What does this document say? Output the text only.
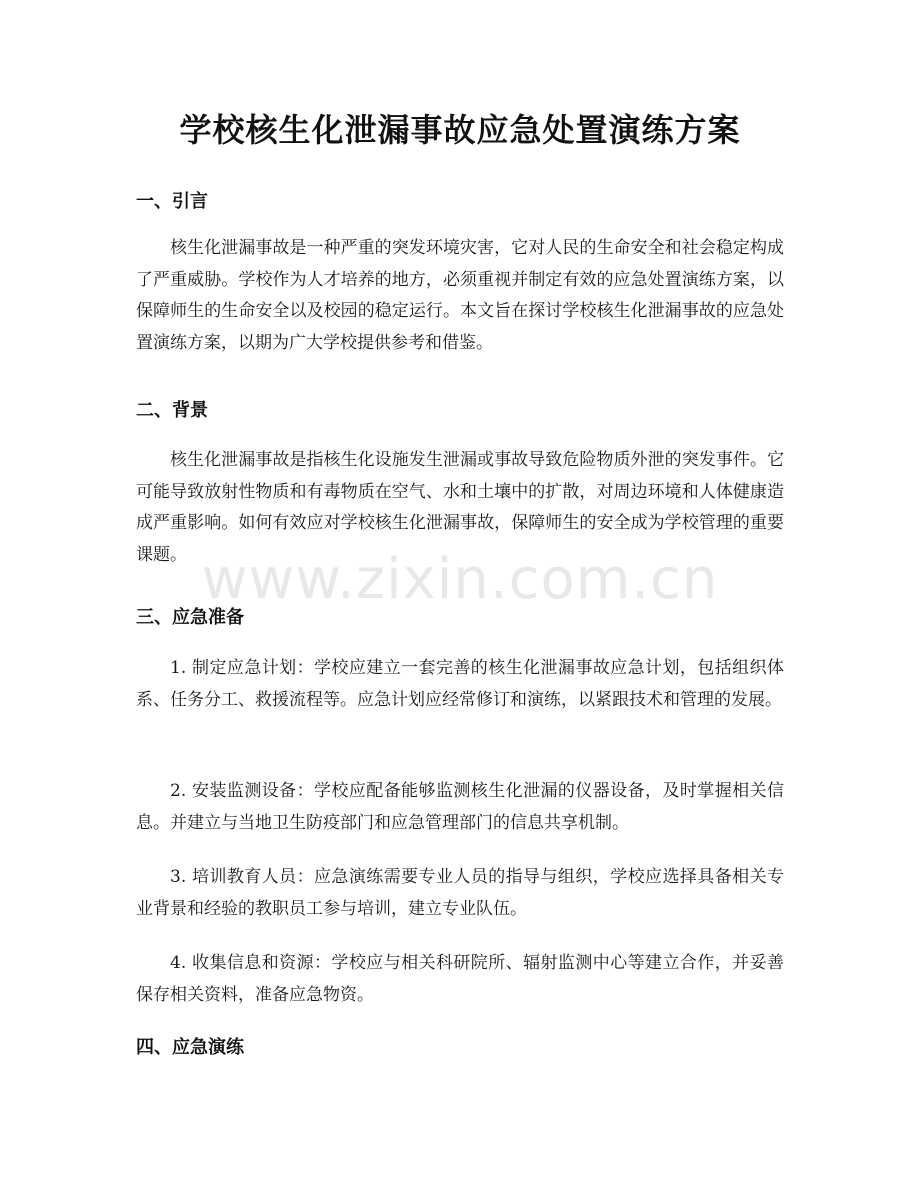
学校核生化泄漏事故应急处置演练方案
一、引言
核生化泄漏事故是一种严重的突发环境灾害，它对人民的生命安全和社会稳定构成了严重威胁。学校作为人才培养的地方，必须重视并制定有效的应急处置演练方案，以保障师生的生命安全以及校园的稳定运行。本文旨在探讨学校核生化泄漏事故的应急处置演练方案，以期为广大学校提供参考和借鉴。
二、背景
核生化泄漏事故是指核生化设施发生泄漏或事故导致危险物质外泄的突发事件。它可能导致放射性物质和有毒物质在空气、水和土壤中的扩散，对周边环境和人体健康造成严重影响。如何有效应对学校核生化泄漏事故，保障师生的安全成为学校管理的重要课题。
三、应急准备
1. 制定应急计划：学校应建立一套完善的核生化泄漏事故应急计划，包括组织体系、任务分工、救援流程等。应急计划应经常修订和演练，以紧跟技术和管理的发展。
2. 安装监测设备：学校应配备能够监测核生化泄漏的仪器设备，及时掌握相关信息。并建立与当地卫生防疫部门和应急管理部门的信息共享机制。
3. 培训教育人员：应急演练需要专业人员的指导与组织，学校应选择具备相关专业背景和经验的教职员工参与培训，建立专业队伍。
4. 收集信息和资源：学校应与相关科研院所、辐射监测中心等建立合作，并妥善保存相关资料，准备应急物资。
四、应急演练
www.zixin.com.cn
